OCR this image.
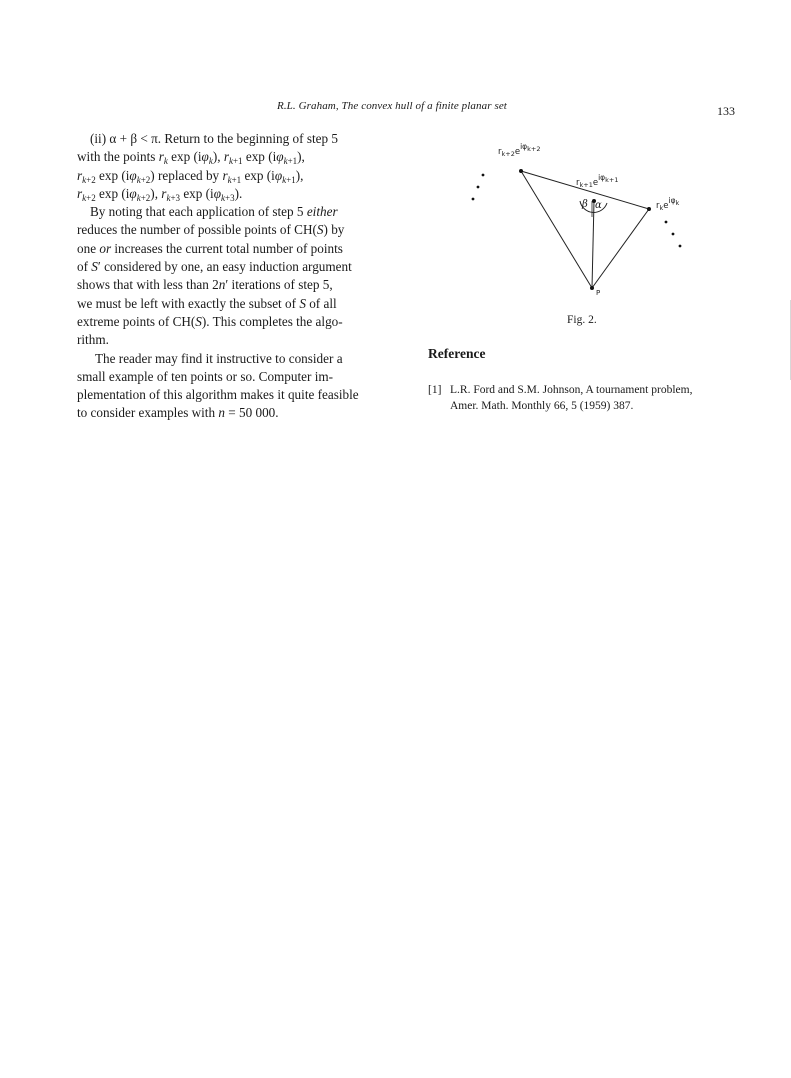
R.L. Graham, The convex hull of a finite planar set	133

(ii) α + β < π. Return to the beginning of step 5
with the points $r_k$ $\exp (i\varphi_k)$, $r_{k+1}$ $\exp (i\varphi_{k+1})$,
$r_{k+2}$ $\exp (i\varphi_{k+2})$ replaced by $r_{k+1}$ $\exp (i\varphi_{k+1})$,
$r_{k+2}$ $\exp (i\varphi_{k+2})$, $r_{k+3}$ $\exp (i\varphi_{k+3})$.

By noting that each application of step 5 either
reduces the number of possible points of CH(S) by
one or increases the current total number of points
of S′ considered by one, an easy induction argument
shows that with less than 2n′ iterations of step 5,
we must be left with exactly the subset of S of all
extreme points of CH(S). This completes the algo-
rithm.

The reader may find it instructive to consider a
small example of ten points or so. Computer im-
plementation of this algorithm makes it quite feasible
to consider examples with n = 50 000.

$r_{k+2}e^{i\varphi_{k+2}}$
$r_{k+1}e^{i\varphi_{k+1}}$
$r_ke^{i\varphi_k}$
P
β α
Fig. 2.
Reference
[1] L.R. Ford and S.M. Johnson, A tournament problem,
Amer. Math. Monthly 66, 5 (1959) 387.
